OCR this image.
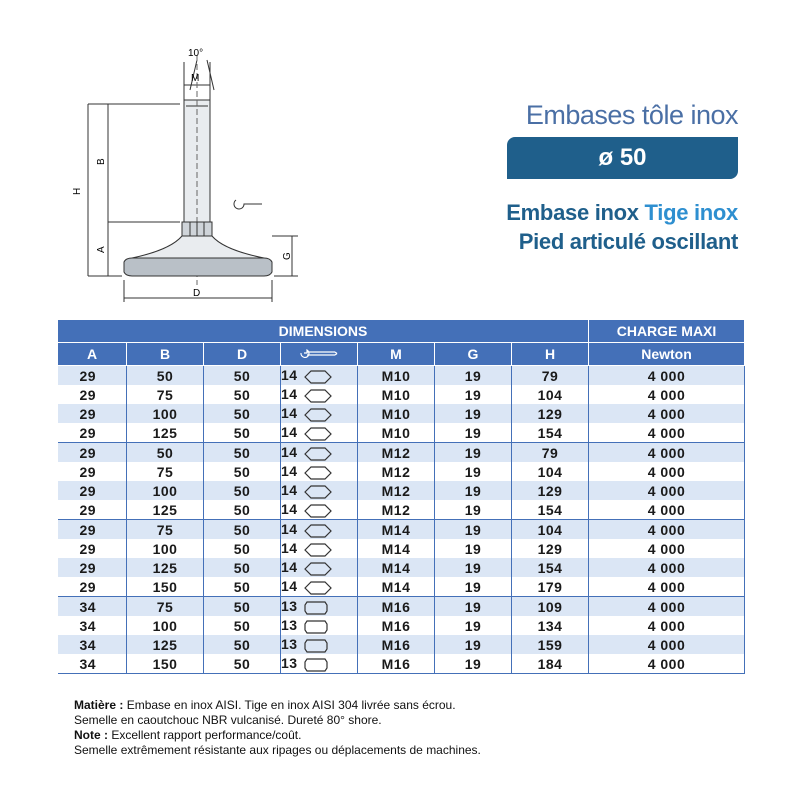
10°
M
H
B
A
G
D
Embases tôle inox
ø 50
Embase inox Tige inox
Pied articulé oscillant
DIMENSIONS							CHARGE MAXI
A	B	D		M	G	H	Newton
29	50	50	14	M10	19	79	4 000
29	75	50	14	M10	19	104	4 000
29	100	50	14	M10	19	129	4 000
29	125	50	14	M10	19	154	4 000
29	50	50	14	M12	19	79	4 000
29	75	50	14	M12	19	104	4 000
29	100	50	14	M12	19	129	4 000
29	125	50	14	M12	19	154	4 000
29	75	50	14	M14	19	104	4 000
29	100	50	14	M14	19	129	4 000
29	125	50	14	M14	19	154	4 000
29	150	50	14	M14	19	179	4 000
34	75	50	13	M16	19	109	4 000
34	100	50	13	M16	19	134	4 000
34	125	50	13	M16	19	159	4 000
34	150	50	13	M16	19	184	4 000
Matière : Embase en inox AISI. Tige en inox AISI 304 livrée sans écrou.
Semelle en caoutchouc NBR vulcanisé. Dureté 80° shore.
Note : Excellent rapport performance/coût.
Semelle extrêmement résistante aux ripages ou déplacements de machines.
